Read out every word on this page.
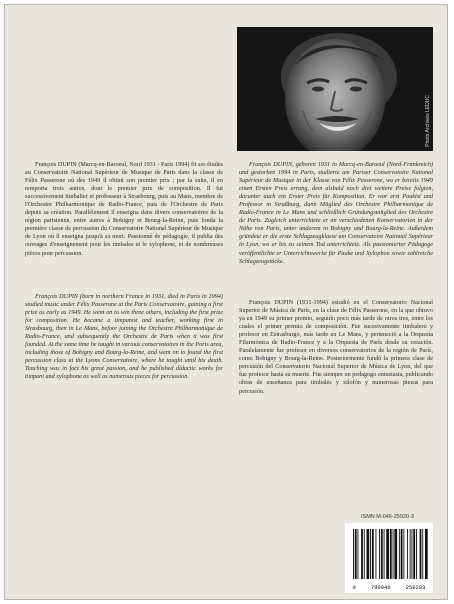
Photo Archives LEDUC

François DUPIN (Marcq-en-Baroeul, Nord 1931 - Paris 1994) fit ses études au Conservatoire National Supérieur de Musique de Paris dans la classe de Félix Passerone où dès 1949 il obtint son premier prix ; par la suite, il en remporta trois autres, dont le premier prix de composition. Il fut successivement timbalier et professeur à Strasbourg, puis au Mans, membre de l'Orchestre Philharmonique de Radio-France, puis de l'Orchestre de Paris depuis sa création. Parallèlement il enseigna dans divers conservatoires de la région parisienne, entre autres à Bobigny et Bourg-la-Reine, puis fonda la première classe de percussion du Conservatoire National Supérieur de Musique de Lyon où il enseigna jusqu'à sa mort. Passionné de pédagogie, il publia des ouvrages d'enseignement pour les timbales et le xylophone, et de nombreuses pièces pour percussion.

François DUPIN (born in northern France in 1931, died in Paris in 1994) studied music under Félix Passerone at the Paris Conservatoire, gaining a first prize as early as 1949. He went on to win three others, including the first prize for composition. He became a timpanist and teacher, working first in Strasbourg, then in Le Mans, before joining the Orchestre Philharmonique de Radio-France, and subsequently the Orchestre de Paris when it was first founded. At the same time he taught in various conservatoires in the Paris area, including those of Bobigny and Bourg-la-Reine, and went on to found the first percussion class at the Lyons Conservatoire, where he taught until his death. Teaching was in fact his great passion, and he published didactic works for timpani and xylophone as well as numerous pieces for percussion.

François DUPIN, geboren 1931 in Marcq-en-Baroeul (Nord-Frankreich) und gestorben 1994 in Paris, studierte am Pariser Conservatoire National Supérieur de Musique in der Klasse von Félix Passerone, wo er bereits 1949 einen Ersten Preis errang, dem alsbald noch drei weitere Preise folgten, darunter auch ein Erster Preis für Komposition. Er war erst Paukist und Professor in Straßburg, dann Mitglied des Orchestre Philharmonique de Radio-France in Le Mans und schließlich Gründungsmitglied des Orchestre de Paris. Zugleich unterrichtete er an verschiedenen Konservatorien in der Nähe von Paris, unter anderem in Bobigny und Bourg-la-Reine. Außerdem gründete er die erste Schlagzeugklasse am Conservatoire National Supérieur in Lyon, wo er bis zu seinem Tod unterrichtete. Als passionierter Pädagoge veröffentlichte er Unterrichtswerke für Pauke und Xylophon sowie zahlreiche Schlagzeugstücke.

François DUPIN (1931-1994) estudió en el Conservatorio Nacional Superior de Música de París, en la clase de Félix Passerone, en la que obtuvo ya en 1949 su primer premio, seguido poco más tarde de otros tres, entre los cuales el primer premio de composición. Fue sucesivamente timbalero y profesor en Estrasburgo, más tarde en Le Mans, y perteneció a la Orquesta Filarmónica de Radio-France y a la Orquesta de París desde su creación. Paralelamente fue profesor en diversos conservatorios de la región de París, como Bobigny y Bourg-la-Reine. Posteriormente fundó la primera clase de percusión del Conservatorio Nacional Superior de Música de Lyon, del que fue profesor hasta su muerte. Fue siempre un pedagogo entusiasta, publicando obras de enseñanza para timbales y xilofón y numerosas piezas para percusión.

ISMN M-046-25920-3
9	790046	259203
